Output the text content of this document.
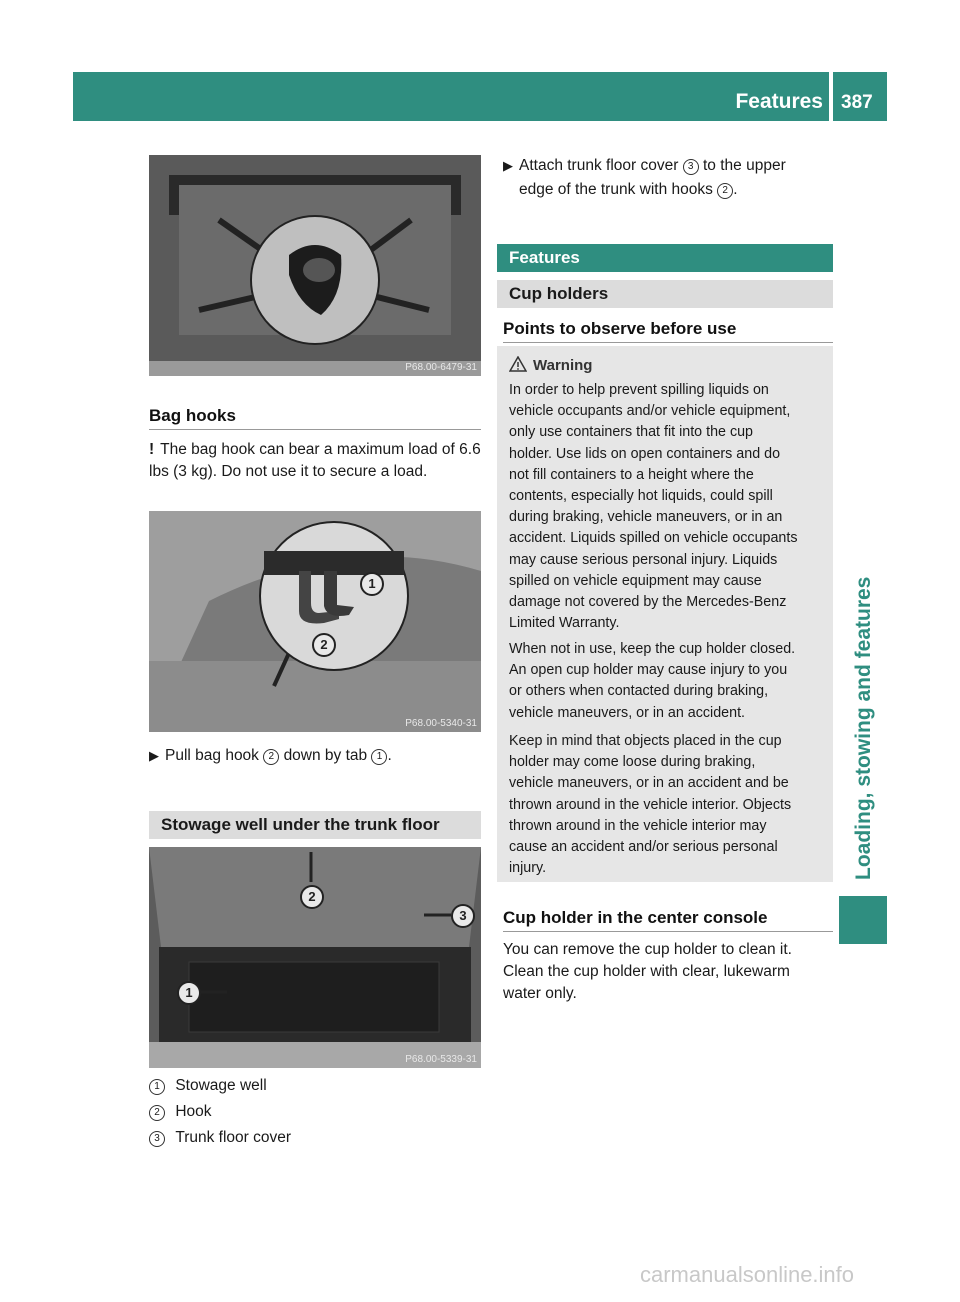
Features 387
Loading, stowing and features
P68.00-6479-31
Bag hooks
! The bag hook can bear a maximum load of 6.6 lbs (3 kg). Do not use it to secure a load.
1
2
P68.00-5340-31
▶ Pull bag hook 2 down by tab 1 .
Stowage well under the trunk floor
2
3
1
P68.00-5339-31
1 Stowage well
2 Hook
3 Trunk floor cover
▶ Attach trunk floor cover 3 to the upper
edge of the trunk with hooks 2 .
Features
Cup holders
Points to observe before use
Warning
In order to help prevent spilling liquids on
vehicle occupants and/or vehicle equipment,
only use containers that fit into the cup
holder. Use lids on open containers and do
not fill containers to a height where the
contents, especially hot liquids, could spill
during braking, vehicle maneuvers, or in an
accident. Liquids spilled on vehicle occupants
may cause serious personal injury. Liquids
spilled on vehicle equipment may cause
damage not covered by the Mercedes-Benz
Limited Warranty.
When not in use, keep the cup holder closed.
An open cup holder may cause injury to you
or others when contacted during braking,
vehicle maneuvers, or in an accident.
Keep in mind that objects placed in the cup
holder may come loose during braking,
vehicle maneuvers, or in an accident and be
thrown around in the vehicle interior. Objects
thrown around in the vehicle interior may
cause an accident and/or serious personal
injury.
Cup holder in the center console
You can remove the cup holder to clean it.
Clean the cup holder with clear, lukewarm
water only.
carmanualsonline.info
